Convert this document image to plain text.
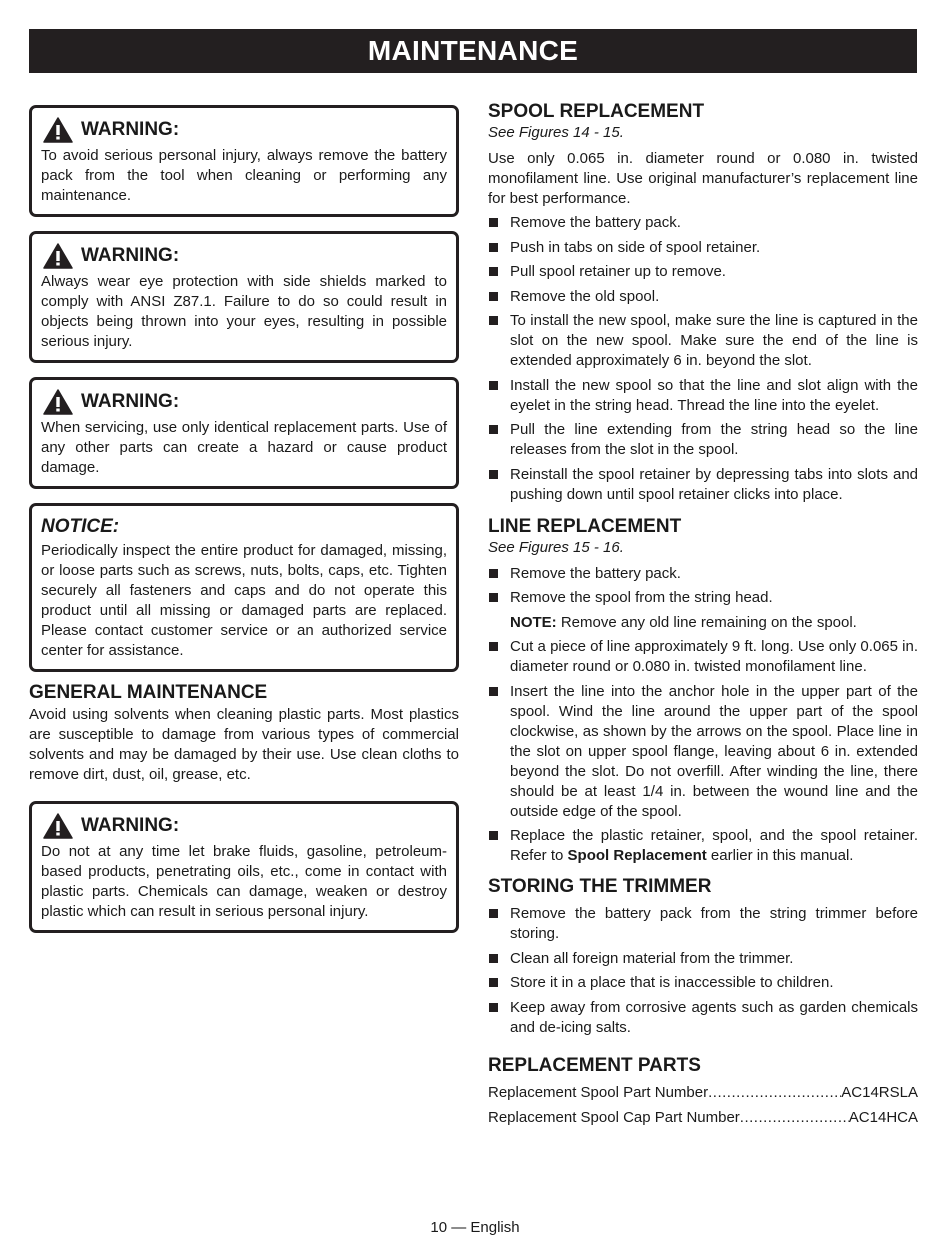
MAINTENANCE
WARNING:

To avoid serious personal injury, always remove the battery pack from the tool when cleaning or performing any maintenance.

WARNING:

Always wear eye protection with side shields marked to comply with ANSI Z87.1. Failure to do so could result in objects being thrown into your eyes, resulting in possible serious injury.

WARNING:

When servicing, use only identical replacement parts. Use of any other parts can create a hazard or cause product damage.

NOTICE:

Periodically inspect the entire product for damaged, missing, or loose parts such as screws, nuts, bolts, caps, etc. Tighten securely all fasteners and caps and do not operate this product until all missing or damaged parts are replaced. Please contact customer service or an authorized service center for assistance.

GENERAL MAINTENANCE

Avoid using solvents when cleaning plastic parts. Most plastics are susceptible to damage from various types of commercial solvents and may be damaged by their use. Use clean cloths to remove dirt, dust, oil, grease, etc.

WARNING:

Do not at any time let brake fluids, gasoline, petroleum-based products, penetrating oils, etc., come in contact with plastic parts. Chemicals can damage, weaken or destroy plastic which can result in serious personal injury.

SPOOL REPLACEMENT

See Figures 14 - 15.

Use only 0.065 in. diameter round or 0.080 in. twisted monofilament line. Use original manufacturer’s replacement line for best performance.

Remove the battery pack.
Push in tabs on side of spool retainer.
Pull spool retainer up to remove.
Remove the old spool.
To install the new spool, make sure the line is captured in the slot on the new spool. Make sure the end of the line is extended approximately 6 in. beyond the slot.
Install the new spool so that the line and slot align with the eyelet in the string head. Thread the line into the eyelet.
Pull the line extending from the string head so the line releases from the slot in the spool.
Reinstall the spool retainer by depressing tabs into slots and pushing down until spool retainer clicks into place.
LINE REPLACEMENT

See Figures 15 - 16.

Remove the battery pack.
Remove the spool from the string head.
NOTE: Remove any old line remaining on the spool.
Cut a piece of line approximately 9 ft. long. Use only 0.065 in. diameter round or 0.080 in. twisted monofilament line.
Insert the line into the anchor hole in the upper part of the spool. Wind the line around the upper part of the spool clockwise, as shown by the arrows on the spool. Place line in the slot on upper spool flange, leaving about 6 in. extended beyond the slot. Do not overfill. After winding the line, there should be at least 1/4 in. between the wound line and the outside edge of the spool.
Replace the plastic retainer, spool, and the spool retainer. Refer to Spool Replacement earlier in this manual.
STORING THE TRIMMER
Remove the battery pack from the string trimmer before storing.
Clean all foreign material from the trimmer.
Store it in a place that is inaccessible to children.
Keep away from corrosive agents such as garden chemicals and de-icing salts.
REPLACEMENT PARTS
Replacement Spool Part Number .....	AC14RSLA
Replacement Spool Cap Part Number .....	AC14HCA
10 — English
